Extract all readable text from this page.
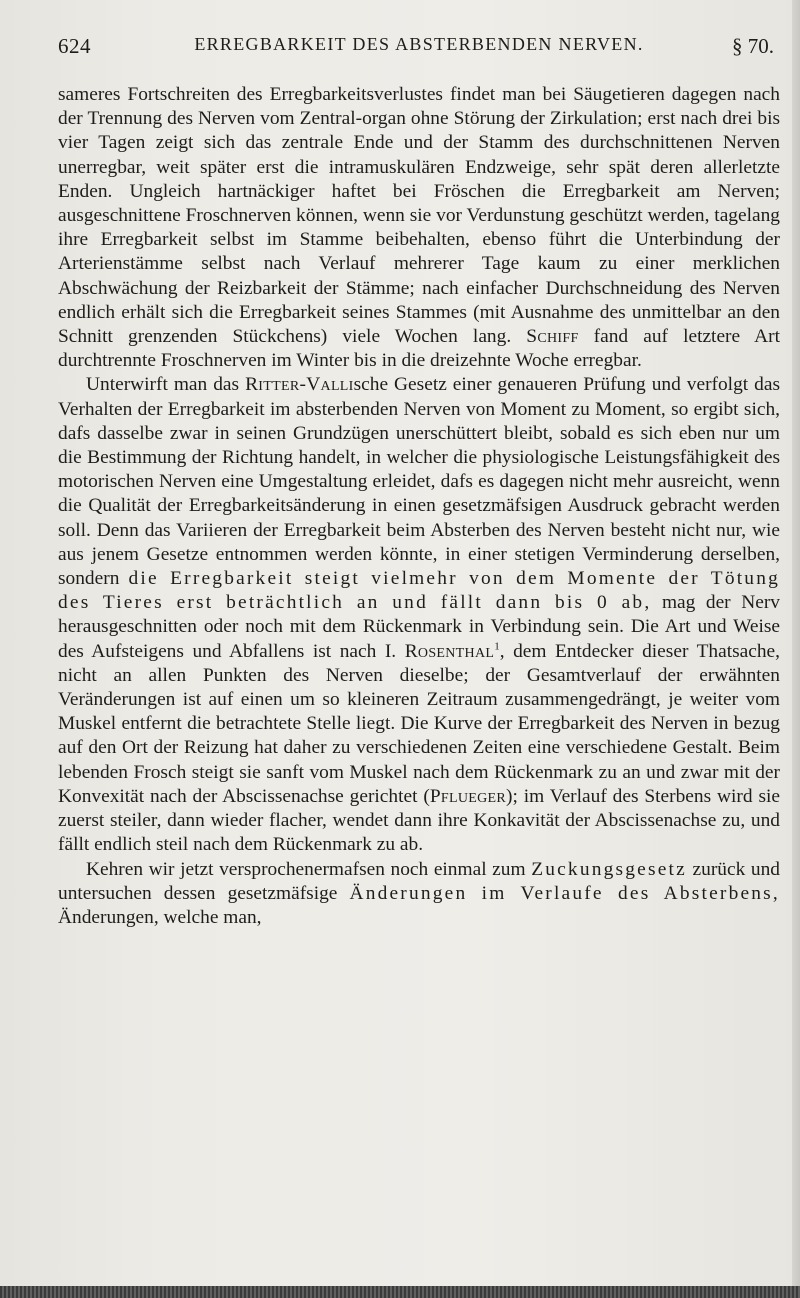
624	ERREGBARKEIT DES ABSTERBENDEN NERVEN.	§ 70.

sameres Fortschreiten des Erregbarkeitsverlustes findet man bei Säugetieren dagegen nach der Trennung des Nerven vom Zentral-organ ohne Störung der Zirkulation; erst nach drei bis vier Tagen zeigt sich das zentrale Ende und der Stamm des durchschnittenen Nerven unerregbar, weit später erst die intramuskulären Endzweige, sehr spät deren allerletzte Enden. Ungleich hartnäckiger haftet bei Fröschen die Erregbarkeit am Nerven; ausgeschnittene Froschnerven können, wenn sie vor Verdunstung geschützt werden, tagelang ihre Erregbarkeit selbst im Stamme beibehalten, ebenso führt die Unterbindung der Arterienstämme selbst nach Verlauf mehrerer Tage kaum zu einer merklichen Abschwächung der Reizbarkeit der Stämme; nach einfacher Durchschneidung des Nerven endlich erhält sich die Erregbarkeit seines Stammes (mit Ausnahme des unmittelbar an den Schnitt grenzenden Stückchens) viele Wochen lang. Schiff fand auf letztere Art durchtrennte Froschnerven im Winter bis in die dreizehnte Woche erregbar.

Unterwirft man das Ritter-Vallische Gesetz einer genaueren Prüfung und verfolgt das Verhalten der Erregbarkeit im absterbenden Nerven von Moment zu Moment, so ergibt sich, dafs dasselbe zwar in seinen Grundzügen unerschüttert bleibt, sobald es sich eben nur um die Bestimmung der Richtung handelt, in welcher die physiologische Leistungsfähigkeit des motorischen Nerven eine Umgestaltung erleidet, dafs es dagegen nicht mehr ausreicht, wenn die Qualität der Erregbarkeitsänderung in einen gesetzmäfsigen Ausdruck gebracht werden soll. Denn das Variieren der Erregbarkeit beim Absterben des Nerven besteht nicht nur, wie aus jenem Gesetze entnommen werden könnte, in einer stetigen Verminderung derselben, sondern die Erregbarkeit steigt vielmehr von dem Momente der Tötung des Tieres erst beträchtlich an und fällt dann bis 0 ab, mag der Nerv herausgeschnitten oder noch mit dem Rückenmark in Verbindung sein. Die Art und Weise des Aufsteigens und Abfallens ist nach I. Rosenthal$^1$, dem Entdecker dieser Thatsache, nicht an allen Punkten des Nerven dieselbe; der Gesamtverlauf der erwähnten Veränderungen ist auf einen um so kleineren Zeitraum zusammengedrängt, je weiter vom Muskel entfernt die betrachtete Stelle liegt. Die Kurve der Erregbarkeit des Nerven in bezug auf den Ort der Reizung hat daher zu verschiedenen Zeiten eine verschiedene Gestalt. Beim lebenden Frosch steigt sie sanft vom Muskel nach dem Rückenmark zu an und zwar mit der Konvexität nach der Abscissenachse gerichtet (Pflueger); im Verlauf des Sterbens wird sie zuerst steiler, dann wieder flacher, wendet dann ihre Konkavität der Abscissenachse zu, und fällt endlich steil nach dem Rückenmark zu ab.

Kehren wir jetzt versprochenermafsen noch einmal zum Zuckungsgesetz zurück und untersuchen dessen gesetzmäfsige Änderungen im Verlaufe des Absterbens, Änderungen, welche man,
